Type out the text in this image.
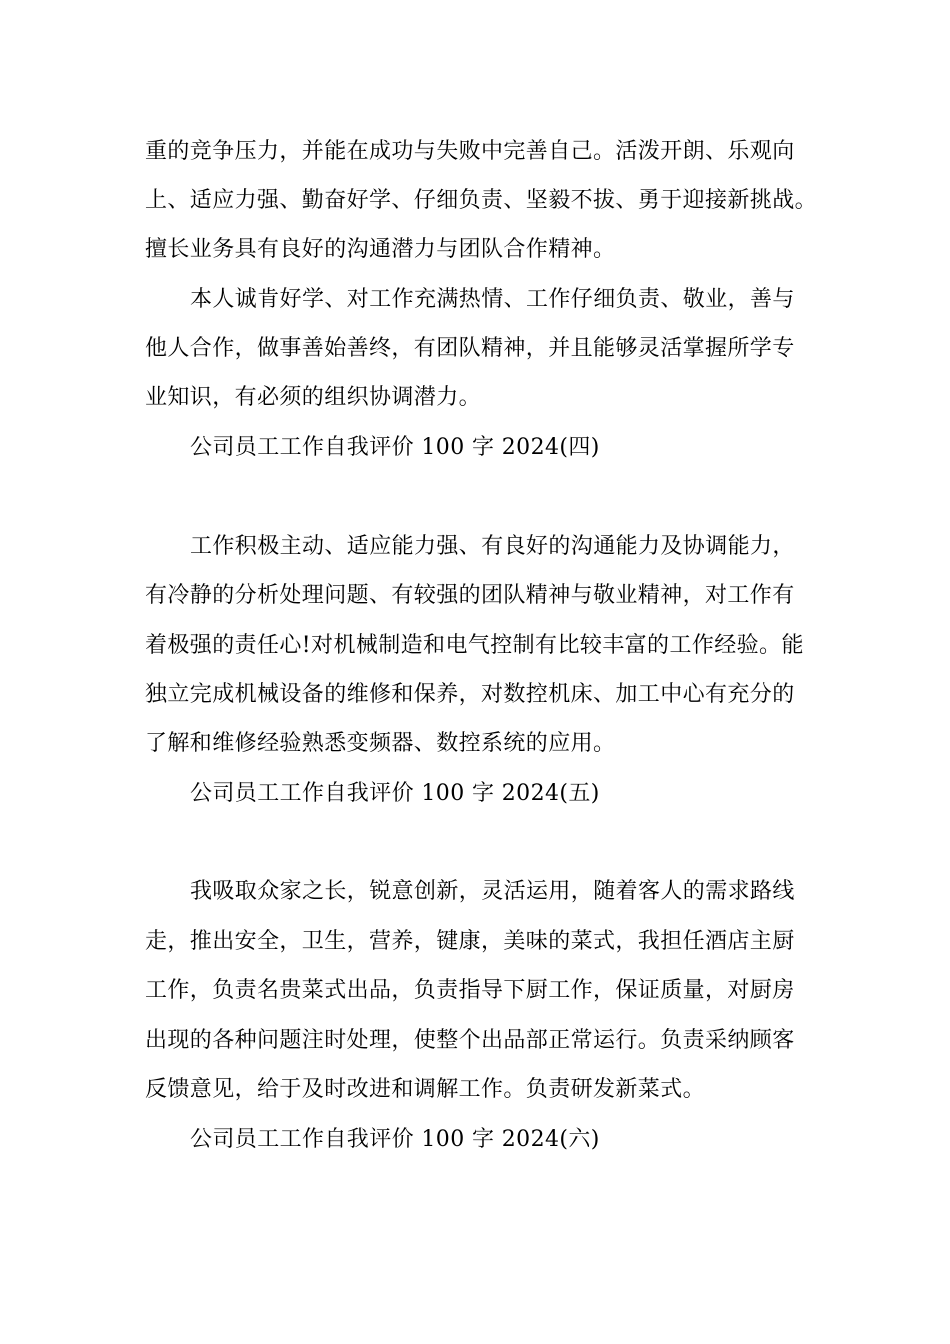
重的竞争压力，并能在成功与失败中完善自己。活泼开朗、乐观向
上、适应力强、勤奋好学、仔细负责、坚毅不拔、勇于迎接新挑战。
擅长业务具有良好的沟通潜力与团队合作精神。
本人诚肯好学、对工作充满热情、工作仔细负责、敬业，善与
他人合作，做事善始善终，有团队精神，并且能够灵活掌握所学专
业知识，有必须的组织协调潜力。
公司员工工作自我评价 100 字 2024(四)
工作积极主动、适应能力强、有良好的沟通能力及协调能力，
有冷静的分析处理问题、有较强的团队精神与敬业精神，对工作有
着极强的责任心!对机械制造和电气控制有比较丰富的工作经验。能
独立完成机械设备的维修和保养，对数控机床、加工中心有充分的
了解和维修经验熟悉变频器、数控系统的应用。
公司员工工作自我评价 100 字 2024(五)
我吸取众家之长，锐意创新，灵活运用，随着客人的需求路线
走，推出安全，卫生，营养，键康，美味的菜式，我担任酒店主厨
工作，负责名贵菜式出品，负责指导下厨工作，保证质量，对厨房
出现的各种问题注时处理，使整个出品部正常运行。负责采纳顾客
反馈意见，给于及时改进和调解工作。负责研发新菜式。
公司员工工作自我评价 100 字 2024(六)
